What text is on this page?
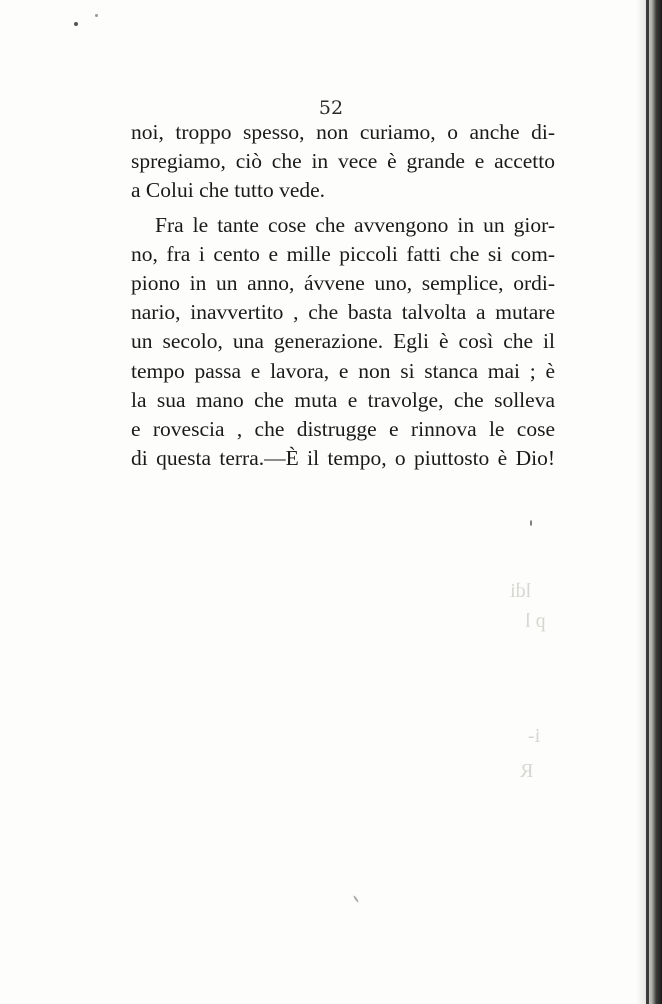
52
noi, troppo spesso, non curiamo, o anche di-
spregiamo, ciò che in vece è grande e accetto
a Colui che tutto vede.
Fra le tante cose che avvengono in un gior-
no, fra i cento e mille piccoli fatti che si com-
piono in un anno, ávvene uno, semplice, ordi-
nario, inavvertito , che basta talvolta a mutare
un secolo, una generazione. Egli è così che il
tempo passa e lavora, e non si stanca mai ; è
la sua mano che muta e travolge, che solleva
e rovescia , che distrugge e rinnova le cose
di questa terra.—È il tempo, o piuttosto è Dio!
ldi
p l
i-
R
